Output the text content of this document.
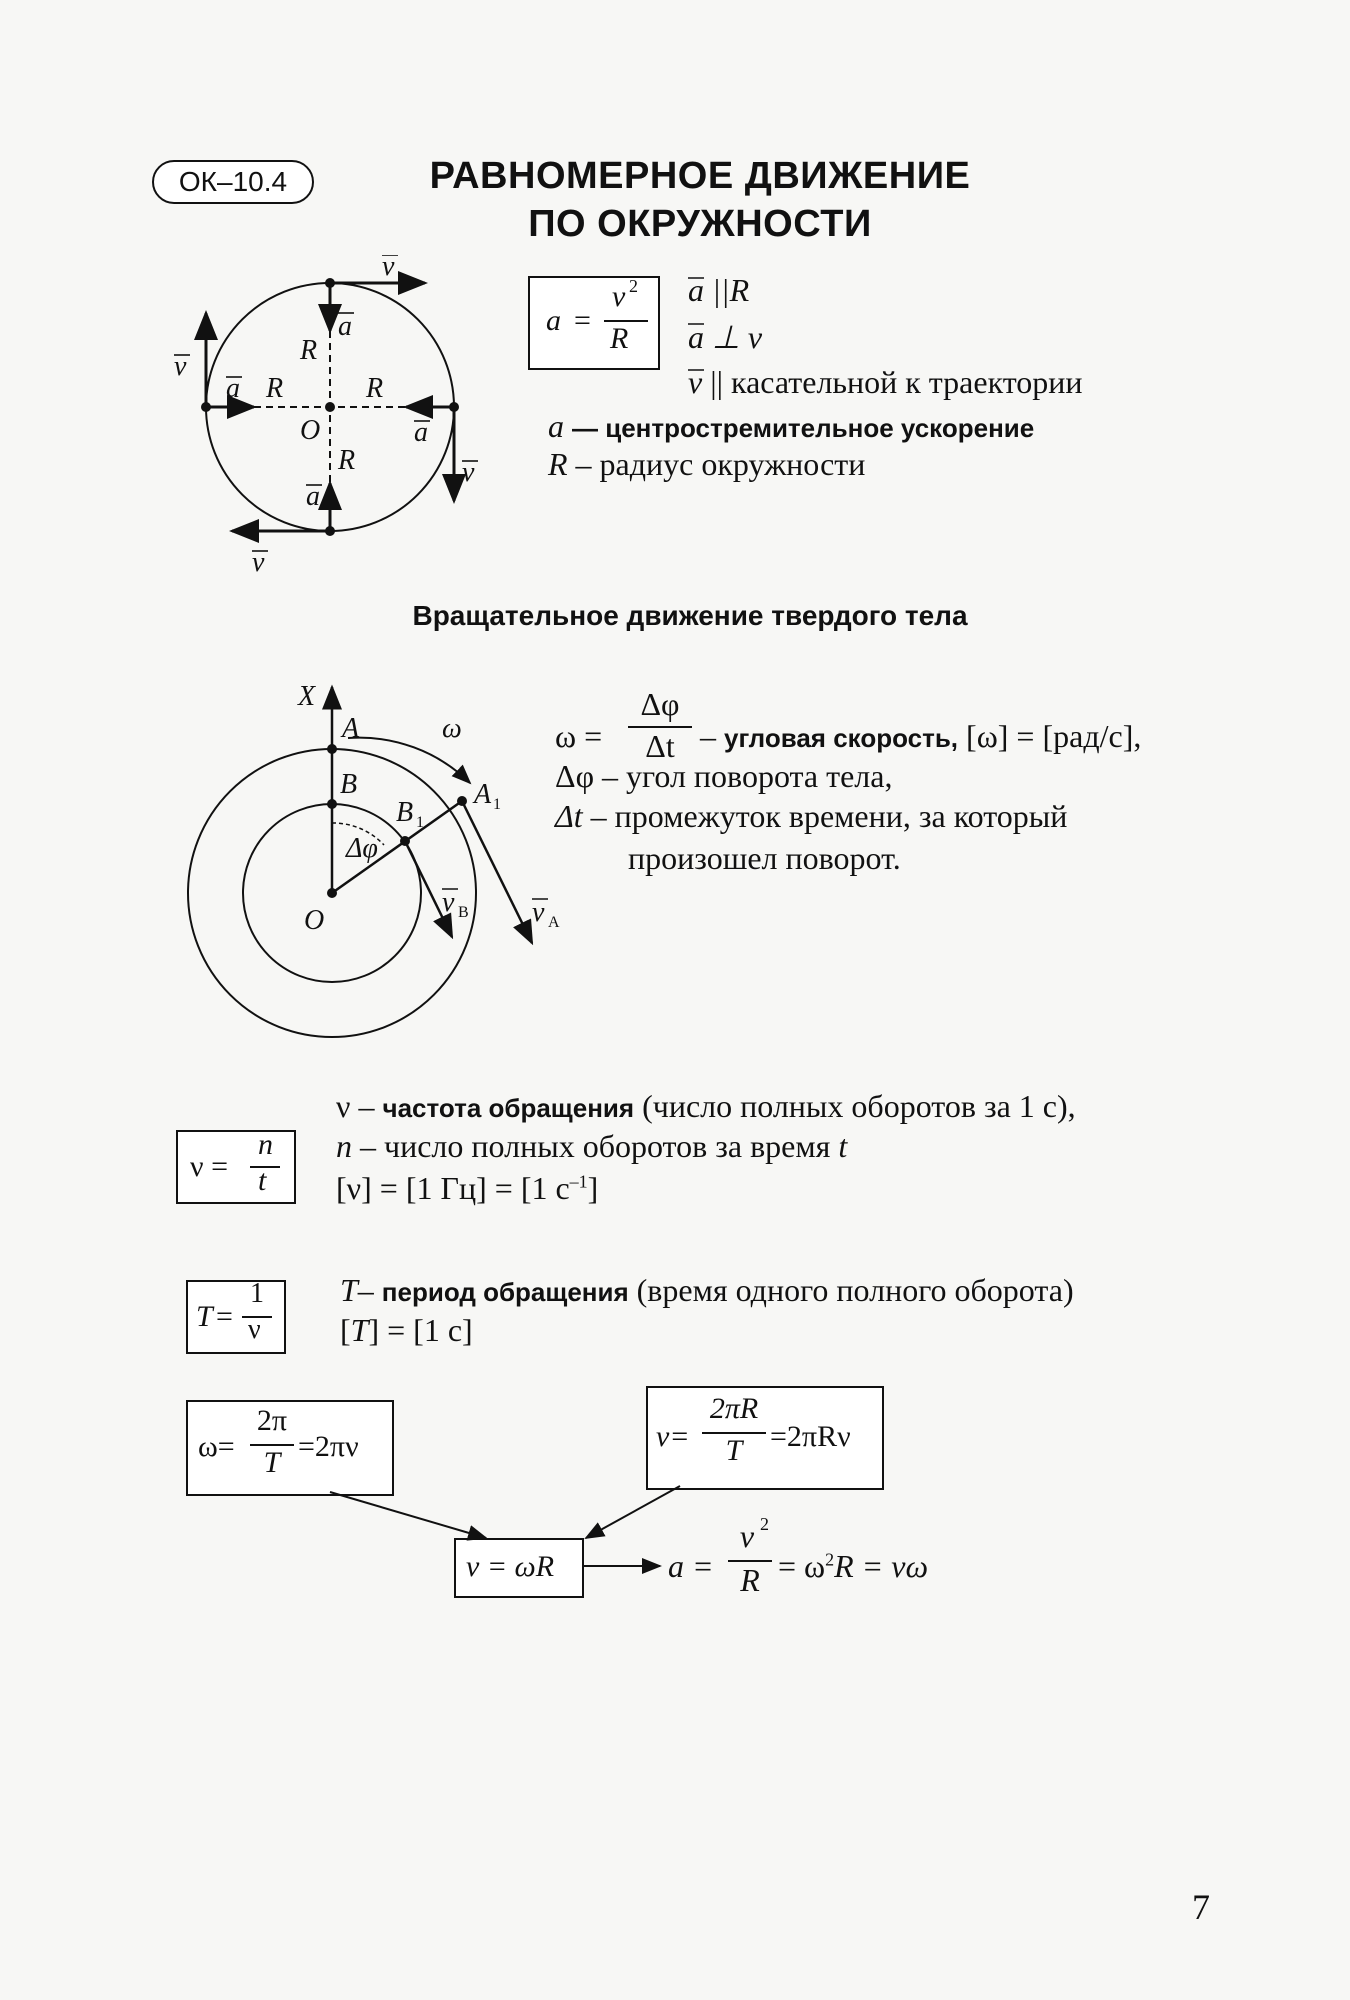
ОК–10.4	РАВНОМЕРНОЕ ДВИЖЕНИЕ
ПО ОКРУЖНОСТИ
v
a
R
v
a R	R
a
O
R	v
a
v
a =
v 2
R
a ||R
a ⊥ v
v || касательной к траектории
a — центростремительное ускорение
R – радиус окружности
Вращательное движение твердого тела
X
A	ω
B
B
A
Δφ
O
v	v
1
1
B
A
ω =
Δφ
Δt – угловая скорость, [ω] = [рад/с],
Δφ – угол поворота тела,
Δt – промежуток времени, за который
произошел поворот.
ν =
n
t
ν – частота обращения (число полных оборотов за 1 с),
n – число полных оборотов за время t
[ν] = [1 Гц] = [1 $с^{-1}$]
T =
1
ν
T– период обращения (время одного полного оборота)
[T] = [1 с]
ω=
2π
T =2πν	v=
2πR
T =2πRν
v = ωR	a =
v 2
$R = \omega^2R = v\omega$
7
